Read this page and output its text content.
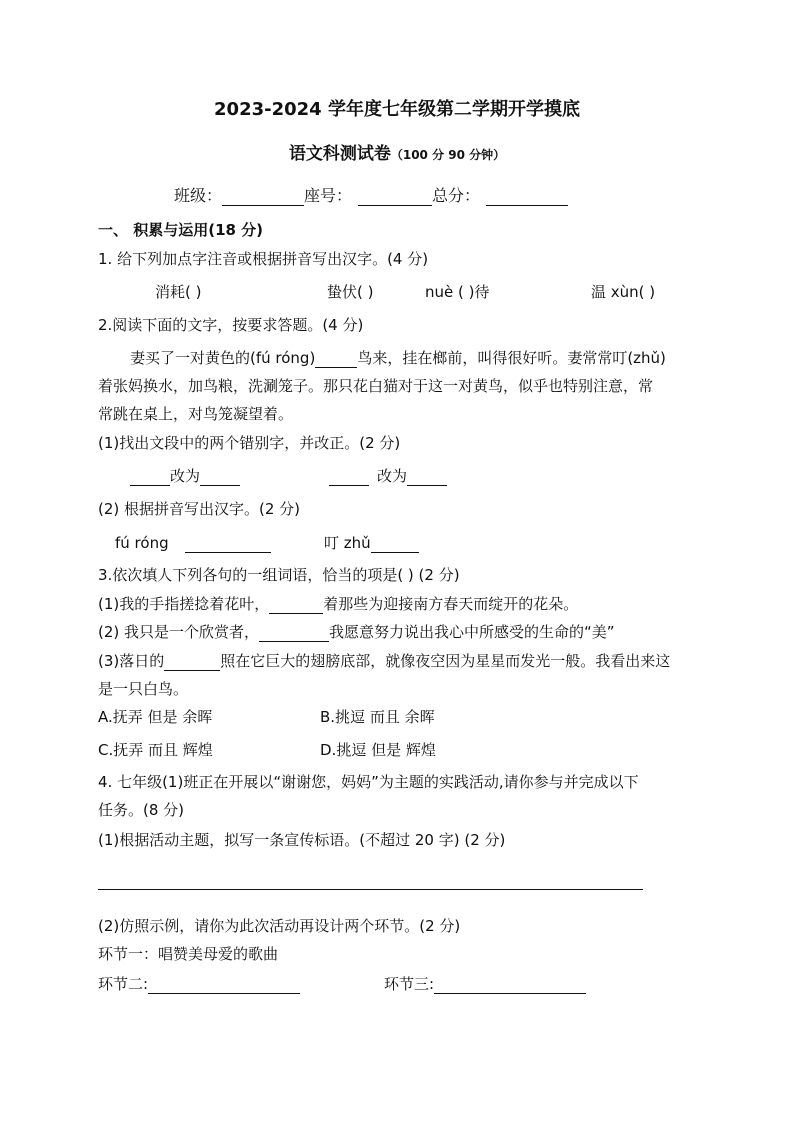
2023-2024 学年度七年级第二学期开学摸底
语文科测试卷（100 分 90 分钟）
班级：	座号：	总分：
一、 积累与运用(18 分)
1. 给下列加点字注音或根据拼音写出汉字。(4 分)
消耗( )	蛰伏( )	nuè ( )待	温 xùn( )
2.阅读下面的文字，按要求答题。(4 分)
妻买了一对黄色的(fú róng)	鸟来，挂在榔前，叫得很好听。妻常常叮(zhǔ)
着张妈换水，加鸟粮，洗涮笼子。那只花白猫对于这一对黄鸟，似乎也特别注意，常
常跳在桌上，对鸟笼凝望着。
(1)找出文段中的两个错别字，并改正。(2 分)
改为	改为
(2) 根据拼音写出汉字。(2 分)
fú róng	叮 zhǔ
3.依次填人下列各句的一组词语，恰当的项是( ) (2 分)
(1)我的手指搓捻着花叶，	着那些为迎接南方春天而绽开的花朵。
(2) 我只是一个欣赏者，	我愿意努力说出我心中所感受的生命的“美”
(3)落日的	照在它巨大的翅膀底部，就像夜空因为星星而发光一般。我看出来这
是一只白鸟。
A.抚弄 但是 余晖	B.挑逗 而且 余晖
C.抚弄 而且 辉煌	D.挑逗 但是 辉煌
4. 七年级(1)班正在开展以“谢谢您，妈妈”为主题的实践活动,请你参与并完成以下
任务。(8 分)
(1)根据活动主题，拟写一条宣传标语。(不超过 20 字) (2 分)
(2)仿照示例，请你为此次活动再设计两个环节。(2 分)
环节一：唱赞美母爱的歌曲
环节二:	环节三:
